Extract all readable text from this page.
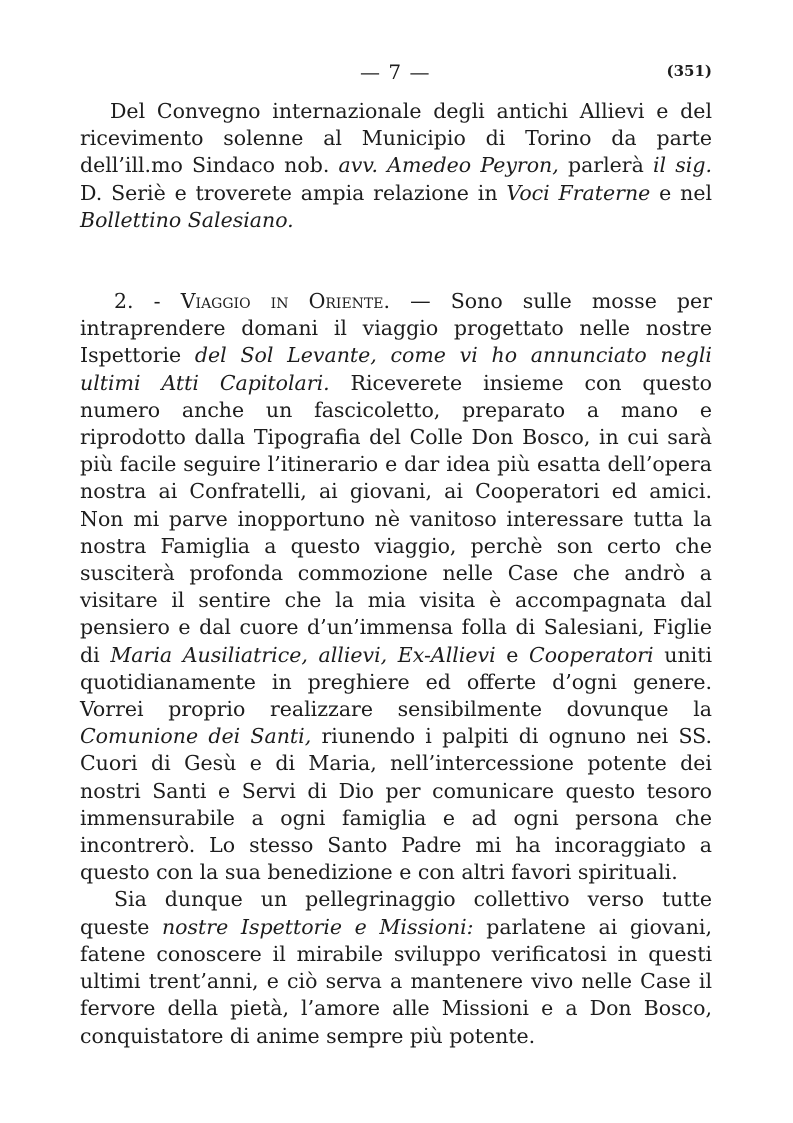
— 7 —	(351)

Del Convegno internazionale degli antichi Allievi e del ricevimento solenne al Municipio di Torino da parte dell’ill.mo Sindaco nob. avv. Amedeo Peyron, parlerà il sig. D. Seriè e troverete ampia relazione in Voci Fraterne e nel Bollettino Salesiano.

2. - Viaggio in Oriente. — Sono sulle mosse per intraprendere domani il viaggio progettato nelle nostre Ispettorie del Sol Levante, come vi ho annunciato negli ultimi Atti Capitolari. Riceverete insieme con questo numero anche un fascicoletto, preparato a mano e riprodotto dalla Tipografia del Colle Don Bosco, in cui sarà più facile seguire l’itinerario e dar idea più esatta dell’opera nostra ai Confratelli, ai giovani, ai Cooperatori ed amici. Non mi parve inopportuno nè vanitoso interessare tutta la nostra Famiglia a questo viaggio, perchè son certo che susciterà profonda commozione nelle Case che andrò a visitare il sentire che la mia visita è accompagnata dal pensiero e dal cuore d’un’immensa folla di Salesiani, Figlie di Maria Ausiliatrice, allievi, Ex-Allievi e Cooperatori uniti quotidianamente in preghiere ed offerte d’ogni genere. Vorrei proprio realizzare sensibilmente dovunque la Comunione dei Santi, riunendo i palpiti di ognuno nei SS. Cuori di Gesù e di Maria, nell’intercessione potente dei nostri Santi e Servi di Dio per comunicare questo tesoro immensurabile a ogni famiglia e ad ogni persona che incontrerò. Lo stesso Santo Padre mi ha incoraggiato a questo con la sua benedizione e con altri favori spirituali.

Sia dunque un pellegrinaggio collettivo verso tutte queste nostre Ispettorie e Missioni: parlatene ai giovani, fatene conoscere il mirabile sviluppo verificatosi in questi ultimi trent’anni, e ciò serva a mantenere vivo nelle Case il fervore della pietà, l’amore alle Missioni e a Don Bosco, conquistatore di anime sempre più potente.
